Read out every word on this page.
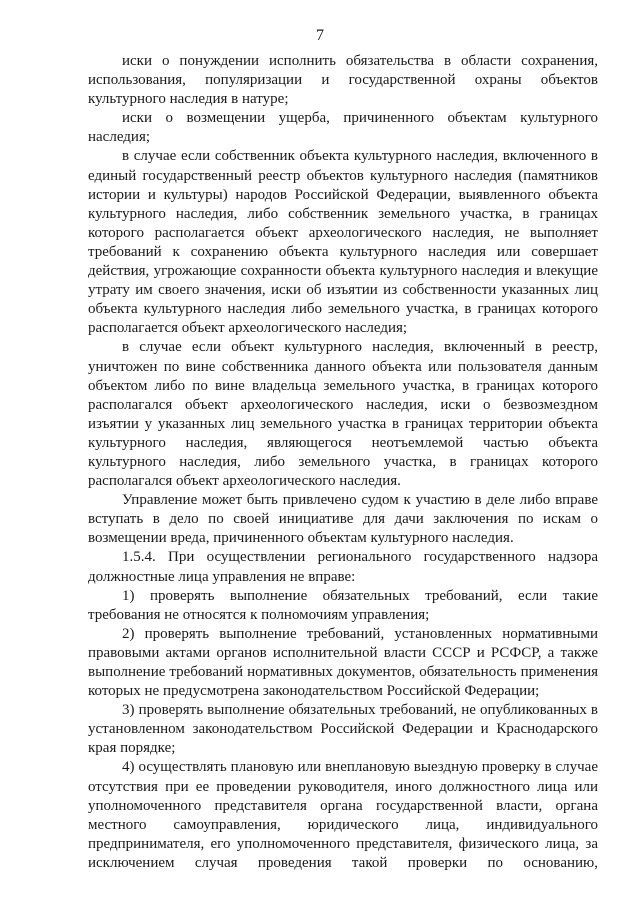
7

иски о понуждении исполнить обязательства в области сохранения, использования, популяризации и государственной охраны объектов культурного наследия в натуре;

иски о возмещении ущерба, причиненного объектам культурного наследия;

в случае если собственник объекта культурного наследия, включенного в единый государственный реестр объектов культурного наследия (памятников истории и культуры) народов Российской Федерации, выявленного объекта культурного наследия, либо собственник земельного участка, в границах которого располагается объект археологического наследия, не выполняет требований к сохранению объекта культурного наследия или совершает действия, угрожающие сохранности объекта культурного наследия и влекущие утрату им своего значения, иски об изъятии из собственности указанных лиц объекта культурного наследия либо земельного участка, в границах которого располагается объект археологического наследия;

в случае если объект культурного наследия, включенный в реестр, уничтожен по вине собственника данного объекта или пользователя данным объектом либо по вине владельца земельного участка, в границах которого располагался объект археологического наследия, иски о безвозмездном изъятии у указанных лиц земельного участка в границах территории объекта культурного наследия, являющегося неотъемлемой частью объекта культурного наследия, либо земельного участка, в границах которого располагался объект археологического наследия.

Управление может быть привлечено судом к участию в деле либо вправе вступать в дело по своей инициативе для дачи заключения по искам о возмещении вреда, причиненного объектам культурного наследия.

1.5.4. При осуществлении регионального государственного надзора должностные лица управления не вправе:

1) проверять выполнение обязательных требований, если такие требования не относятся к полномочиям управления;

2) проверять выполнение требований, установленных нормативными правовыми актами органов исполнительной власти СССР и РСФСР, а также выполнение требований нормативных документов, обязательность применения которых не предусмотрена законодательством Российской Федерации;

3) проверять выполнение обязательных требований, не опубликованных в установленном законодательством Российской Федерации и Краснодарского края порядке;

4) осуществлять плановую или внеплановую выездную проверку в случае отсутствия при ее проведении руководителя, иного должностного лица или уполномоченного представителя органа государственной власти, органа местного самоуправления, юридического лица, индивидуального предпринимателя, его уполномоченного представителя, физического лица, за исключением случая проведения такой проверки по основанию,
